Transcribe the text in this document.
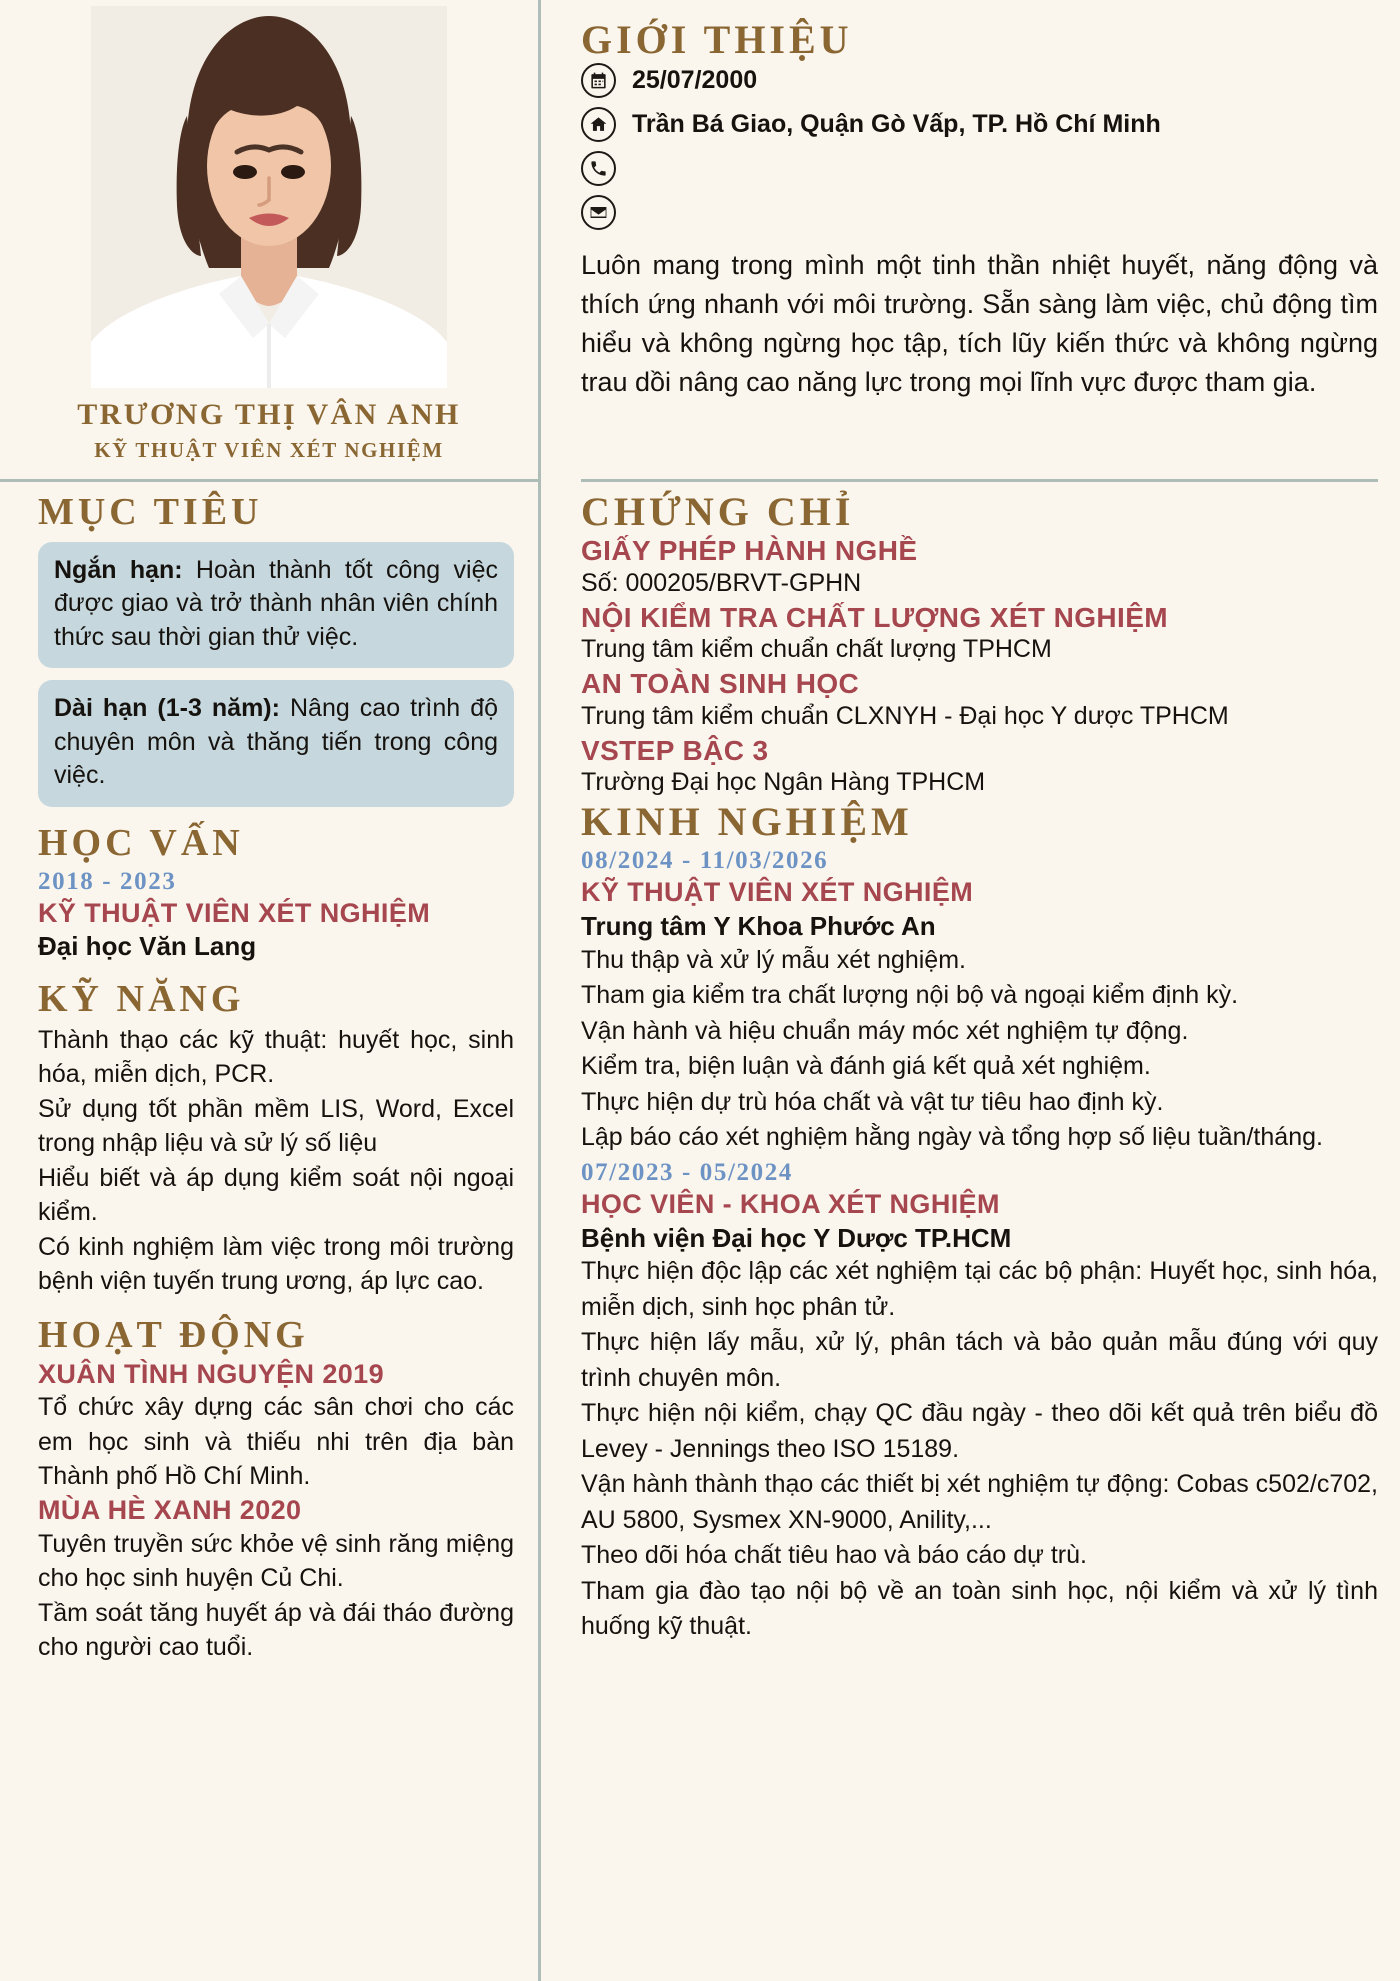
TRƯƠNG THỊ VÂN ANH
KỸ THUẬT VIÊN XÉT NGHIỆM
MỤC TIÊU
Ngắn hạn: Hoàn thành tốt công việc được giao và trở thành nhân viên chính thức sau thời gian thử việc.
Dài hạn (1-3 năm): Nâng cao trình độ chuyên môn và thăng tiến trong công việc.
HỌC VẤN
2018 - 2023
KỸ THUẬT VIÊN XÉT NGHIỆM
Đại học Văn Lang
KỸ NĂNG
Thành thạo các kỹ thuật: huyết học, sinh hóa, miễn dịch, PCR.
Sử dụng tốt phần mềm LIS, Word, Excel trong nhập liệu và sử lý số liệu
Hiểu biết và áp dụng kiểm soát nội ngoại kiểm.
Có kinh nghiệm làm việc trong môi trường bệnh viện tuyến trung ương, áp lực cao.
HOẠT ĐỘNG
XUÂN TÌNH NGUYỆN 2019
Tổ chức xây dựng các sân chơi cho các em học sinh và thiếu nhi trên địa bàn Thành phố Hồ Chí Minh.
MÙA HÈ XANH 2020
Tuyên truyền sức khỏe vệ sinh răng miệng cho học sinh huyện Củ Chi.
Tầm soát tăng huyết áp và đái tháo đường cho người cao tuổi.
GIỚI THIỆU
25/07/2000
Trần Bá Giao, Quận Gò Vấp, TP. Hồ Chí Minh
Luôn mang trong mình một tinh thần nhiệt huyết, năng động và thích ứng nhanh với môi trường. Sẵn sàng làm việc, chủ động tìm hiểu và không ngừng học tập, tích lũy kiến thức và không ngừng trau dồi nâng cao năng lực trong mọi lĩnh vực được tham gia.
CHỨNG CHỈ
GIẤY PHÉP HÀNH NGHỀ
Số: 000205/BRVT-GPHN
NỘI KIỂM TRA CHẤT LƯỢNG XÉT NGHIỆM
Trung tâm kiểm chuẩn chất lượng TPHCM
AN TOÀN SINH HỌC
Trung tâm kiểm chuẩn CLXNYH - Đại học Y dược TPHCM
VSTEP BẬC 3
Trường Đại học Ngân Hàng TPHCM
KINH NGHIỆM
08/2024 - 11/03/2026
KỸ THUẬT VIÊN XÉT NGHIỆM
Trung tâm Y Khoa Phước An
Thu thập và xử lý mẫu xét nghiệm.
Tham gia kiểm tra chất lượng nội bộ và ngoại kiểm định kỳ.
Vận hành và hiệu chuẩn máy móc xét nghiệm tự động.
Kiểm tra, biện luận và đánh giá kết quả xét nghiệm.
Thực hiện dự trù hóa chất và vật tư tiêu hao định kỳ.
Lập báo cáo xét nghiệm hằng ngày và tổng hợp số liệu tuần/tháng.
07/2023 - 05/2024
HỌC VIÊN - KHOA XÉT NGHIỆM
Bệnh viện Đại học Y Dược TP.HCM
Thực hiện độc lập các xét nghiệm tại các bộ phận: Huyết học, sinh hóa, miễn dịch, sinh học phân tử.
Thực hiện lấy mẫu, xử lý, phân tách và bảo quản mẫu đúng với quy trình chuyên môn.
Thực hiện nội kiểm, chạy QC đầu ngày - theo dõi kết quả trên biểu đồ Levey - Jennings theo ISO 15189.
Vận hành thành thạo các thiết bị xét nghiệm tự động: Cobas c502/c702, AU 5800, Sysmex XN-9000, Anility,...
Theo dõi hóa chất tiêu hao và báo cáo dự trù.
Tham gia đào tạo nội bộ về an toàn sinh học, nội kiểm và xử lý tình huống kỹ thuật.
